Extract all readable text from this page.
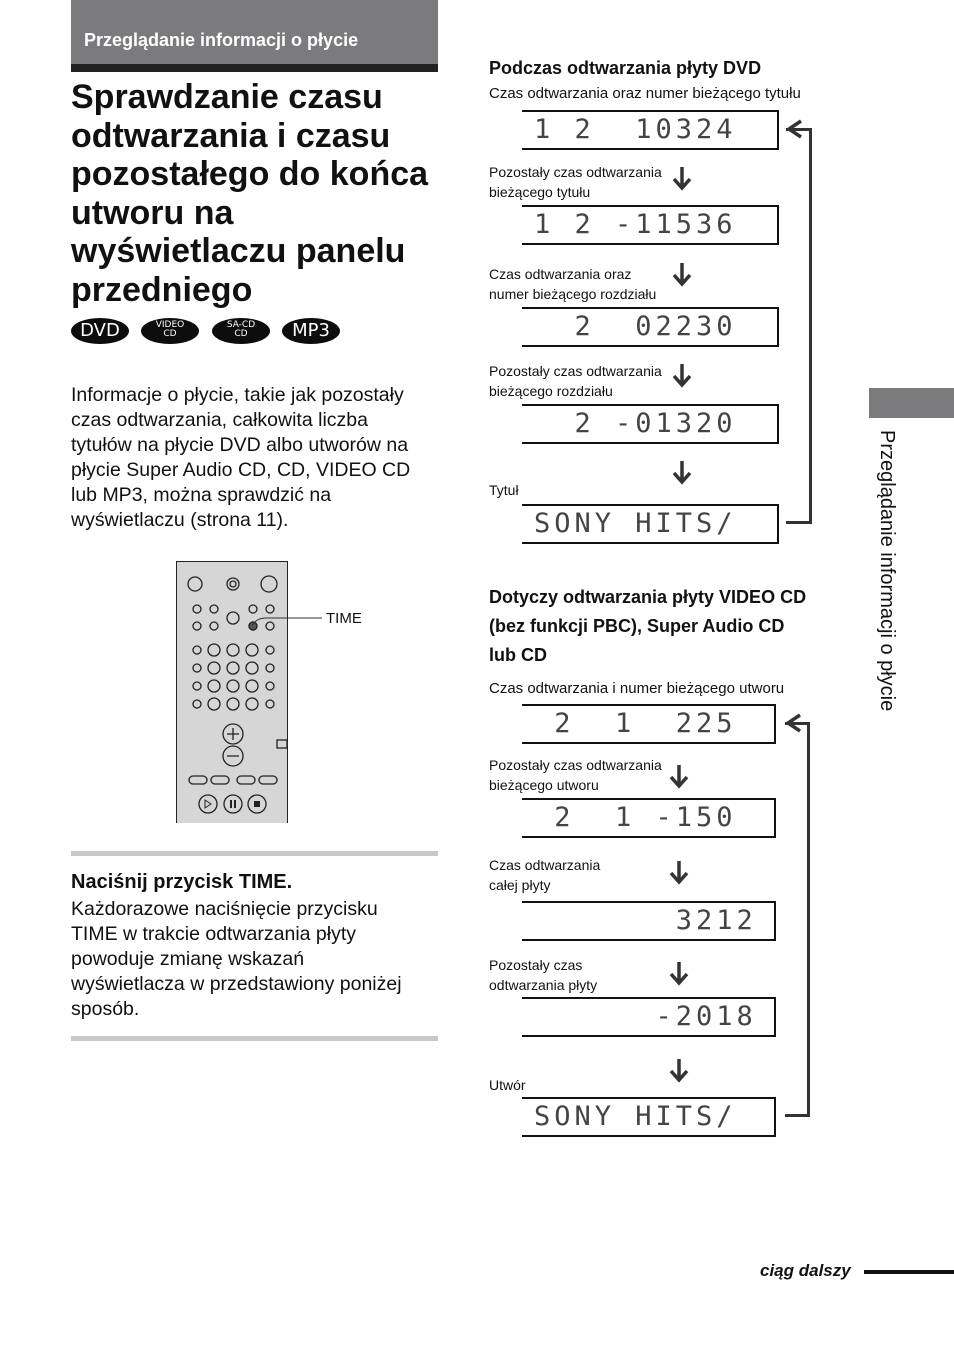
Przeglądanie informacji o płycie
Sprawdzanie czasu
odtwarzania i czasu
pozostałego do końca
utworu na
wyświetlaczu panelu
przedniego
DVD	VIDEO
CD
SA-CD
CD	MP3

Informacje o płycie, takie jak pozostały
czas odtwarzania, całkowita liczba
tytułów na płycie DVD albo utworów na
płycie Super Audio CD, CD, VIDEO CD
lub MP3, można sprawdzić na
wyświetlaczu (strona 11).

TIME
Naciśnij przycisk TIME.

Każdorazowe naciśnięcie przycisku
TIME w trakcie odtwarzania płyty
powoduje zmianę wskazań
wyświetlacza w przedstawiony poniżej
sposób.

Podczas odtwarzania płyty DVD
Czas odtwarzania oraz numer bieżącego tytułu
1 2  10324
Pozostały czas odtwarzania
bieżącego tytułu
1 2 -11536
Czas odtwarzania oraz
numer bieżącego rozdziału
2  02230
Pozostały czas odtwarzania
bieżącego rozdziału
2 -01320
Tytuł
SONY HITS/
Dotyczy odtwarzania płyty VIDEO CD
(bez funkcji PBC), Super Audio CD
lub CD
Czas odtwarzania i numer bieżącego utworu
2  1  225
Pozostały czas odtwarzania
bieżącego utworu
2  1 -150
Czas odtwarzania
całej płyty
3212
Pozostały czas
odtwarzania płyty
-2018
Utwór
SONY HITS/
Przeglądanie informacji o płycie
ciąg dalszy
